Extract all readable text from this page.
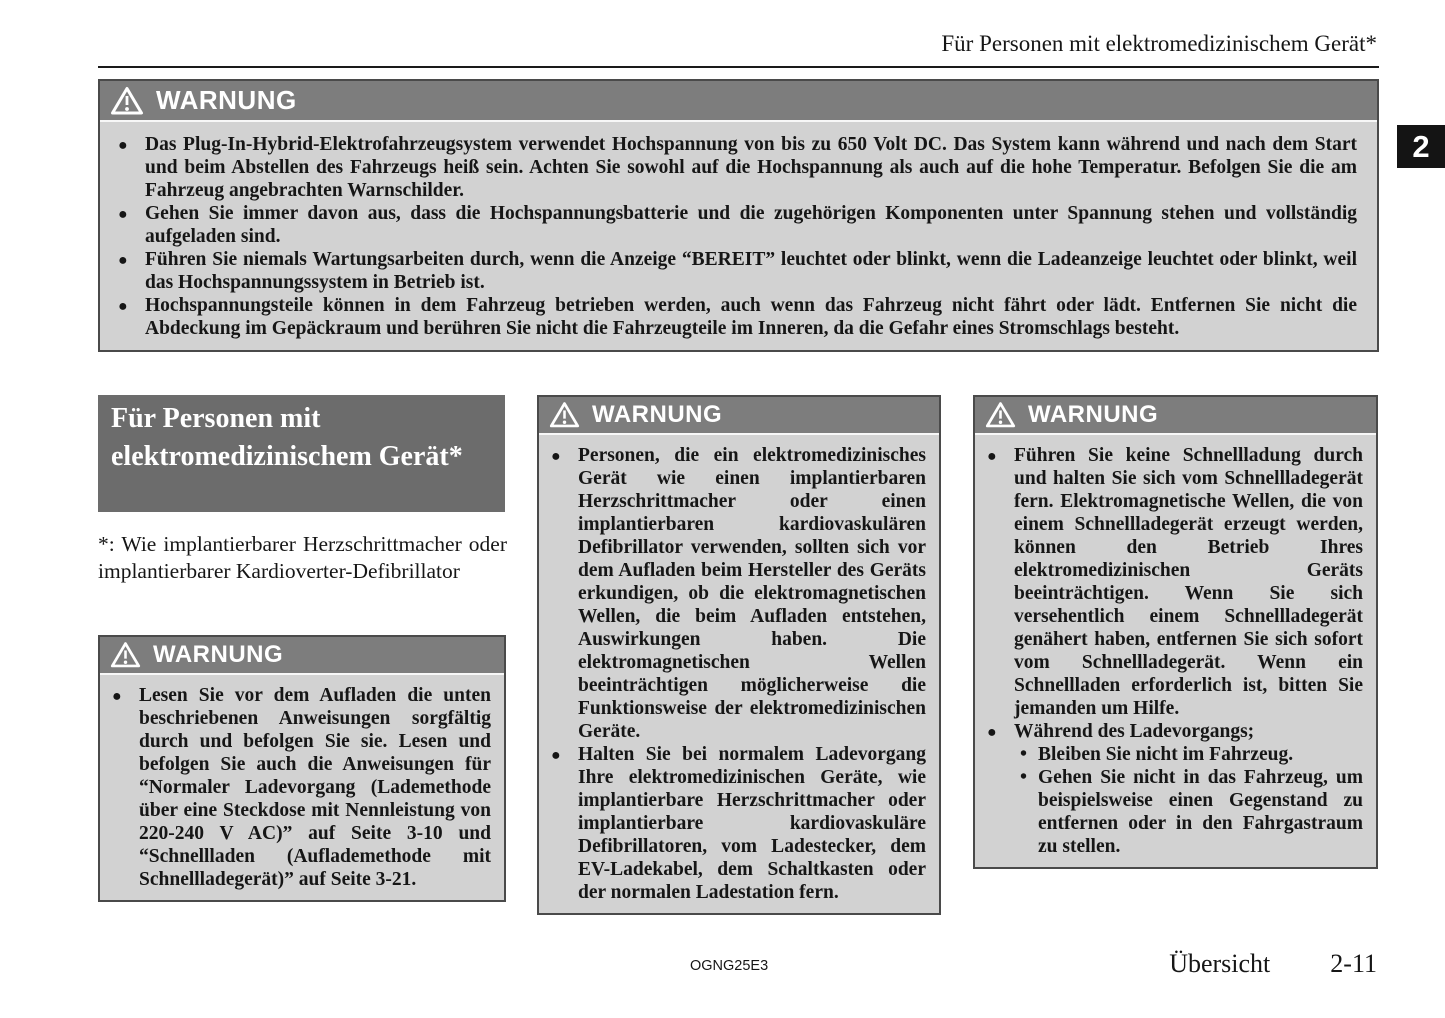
Für Personen mit elektromedizinischem Gerät*
2
WARNUNG

● Das Plug-In-Hybrid-Elektrofahrzeugsystem verwendet Hochspannung von bis zu 650 Volt DC. Das System kann während und nach dem Start und beim Abstellen des Fahrzeugs heiß sein. Achten Sie sowohl auf die Hochspannung als auch auf die hohe Temperatur. Befolgen Sie die am Fahrzeug angebrachten Warnschilder.

● Gehen Sie immer davon aus, dass die Hochspannungsbatterie und die zugehörigen Komponenten unter Spannung stehen und vollständig aufgeladen sind.

● Führen Sie niemals Wartungsarbeiten durch, wenn die Anzeige “BEREIT” leuchtet oder blinkt, wenn die Ladeanzeige leuchtet oder blinkt, weil das Hochspannungssystem in Betrieb ist.

● Hochspannungsteile können in dem Fahrzeug betrieben werden, auch wenn das Fahrzeug nicht fährt oder lädt. Entfernen Sie nicht die Abdeckung im Gepäckraum und berühren Sie nicht die Fahrzeugteile im Inneren, da die Gefahr eines Stromschlags besteht.

Für Personen mit elektromedizinischem Gerät*
*: Wie implantierbarer Herzschrittmacher oder implantierbarer Kardioverter-Defibrillator
WARNUNG

● Lesen Sie vor dem Aufladen die unten beschriebenen Anweisungen sorgfältig durch und befolgen Sie sie. Lesen und befolgen Sie auch die Anweisungen für “Normaler Ladevorgang (Lademethode über eine Steckdose mit Nennleistung von 220-240 V AC)” auf Seite 3-10 und “Schnellladen (Auflademethode mit Schnellladegerät)” auf Seite 3-21.

WARNUNG

● Personen, die ein elektromedizinisches Gerät wie einen implantierbaren Herzschrittmacher oder einen implantierbaren kardiovaskulären Defibrillator verwenden, sollten sich vor dem Aufladen beim Hersteller des Geräts erkundigen, ob die elektromagnetischen Wellen, die beim Aufladen entstehen, Auswirkungen haben. Die elektromagnetischen Wellen beeinträchtigen möglicherweise die Funktionsweise der elektromedizinischen Geräte.

● Halten Sie bei normalem Ladevorgang Ihre elektromedizinischen Geräte, wie implantierbare Herzschrittmacher oder implantierbare kardiovaskuläre Defibrillatoren, vom Ladestecker, dem EV-Ladekabel, dem Schaltkasten oder der normalen Ladestation fern.

WARNUNG

● Führen Sie keine Schnellladung durch und halten Sie sich vom Schnellladegerät fern. Elektromagnetische Wellen, die von einem Schnellladegerät erzeugt werden, können den Betrieb Ihres elektromedizinischen Geräts beeinträchtigen. Wenn Sie sich versehentlich einem Schnellladegerät genähert haben, entfernen Sie sich sofort vom Schnellladegerät. Wenn ein Schnellladen erforderlich ist, bitten Sie jemanden um Hilfe.

● Während des Ladevorgangs;

• Bleiben Sie nicht im Fahrzeug.

• Gehen Sie nicht in das Fahrzeug, um beispielsweise einen Gegenstand zu entfernen oder in den Fahrgastraum zu stellen.

OGNG25E3	Übersicht 2-11
